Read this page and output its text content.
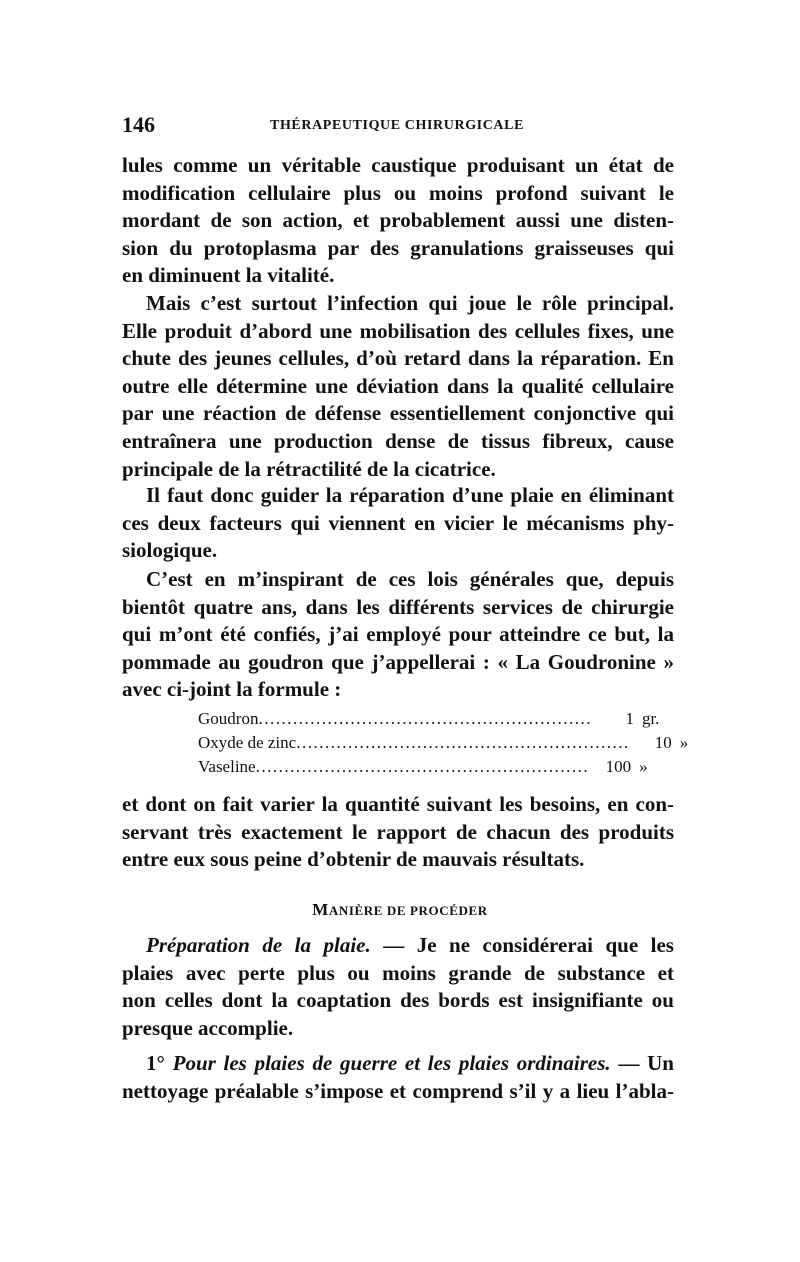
146	THÉRAPEUTIQUE CHIRURGICALE

lules comme un véritable caustique produisant un état de
modification cellulaire plus ou moins profond suivant le
mordant de son action, et probablement aussi une disten-
sion du protoplasma par des granulations graisseuses qui
en diminuent la vitalité.

Mais c’est surtout l’infection qui joue le rôle principal.
Elle produit d’abord une mobilisation des cellules fixes, une
chute des jeunes cellules, d’où retard dans la réparation. En
outre elle détermine une déviation dans la qualité cellulaire
par une réaction de défense essentiellement conjonctive qui
entraînera une production dense de tissus fibreux, cause
principale de la rétractilité de la cicatrice.

Il faut donc guider la réparation d’une plaie en éliminant
ces deux facteurs qui viennent en vicier le mécanisms phy-
siologique.

C’est en m’inspirant de ces lois générales que, depuis
bientôt quatre ans, dans les différents services de chirurgie
qui m’ont été confiés, j’ai employé pour atteindre ce but, la
pommade au goudron que j’appellerai : « La Goudronine »
avec ci-joint la formule :

Goudron ..........................................................	1 gr.
Oxyde de zinc ..........................................................	10 »
Vaseline .......................................................... 100 »

et dont on fait varier la quantité suivant les besoins, en con-
servant très exactement le rapport de chacun des produits
entre eux sous peine d’obtenir de mauvais résultats.

MANIÈRE DE PROCÉDER

Préparation de la plaie. — Je ne considérerai que les
plaies avec perte plus ou moins grande de substance et
non celles dont la coaptation des bords est insignifiante ou
presque accomplie.

1° Pour les plaies de guerre et les plaies ordinaires. — Un
nettoyage préalable s’impose et comprend s’il y a lieu l’abla-
